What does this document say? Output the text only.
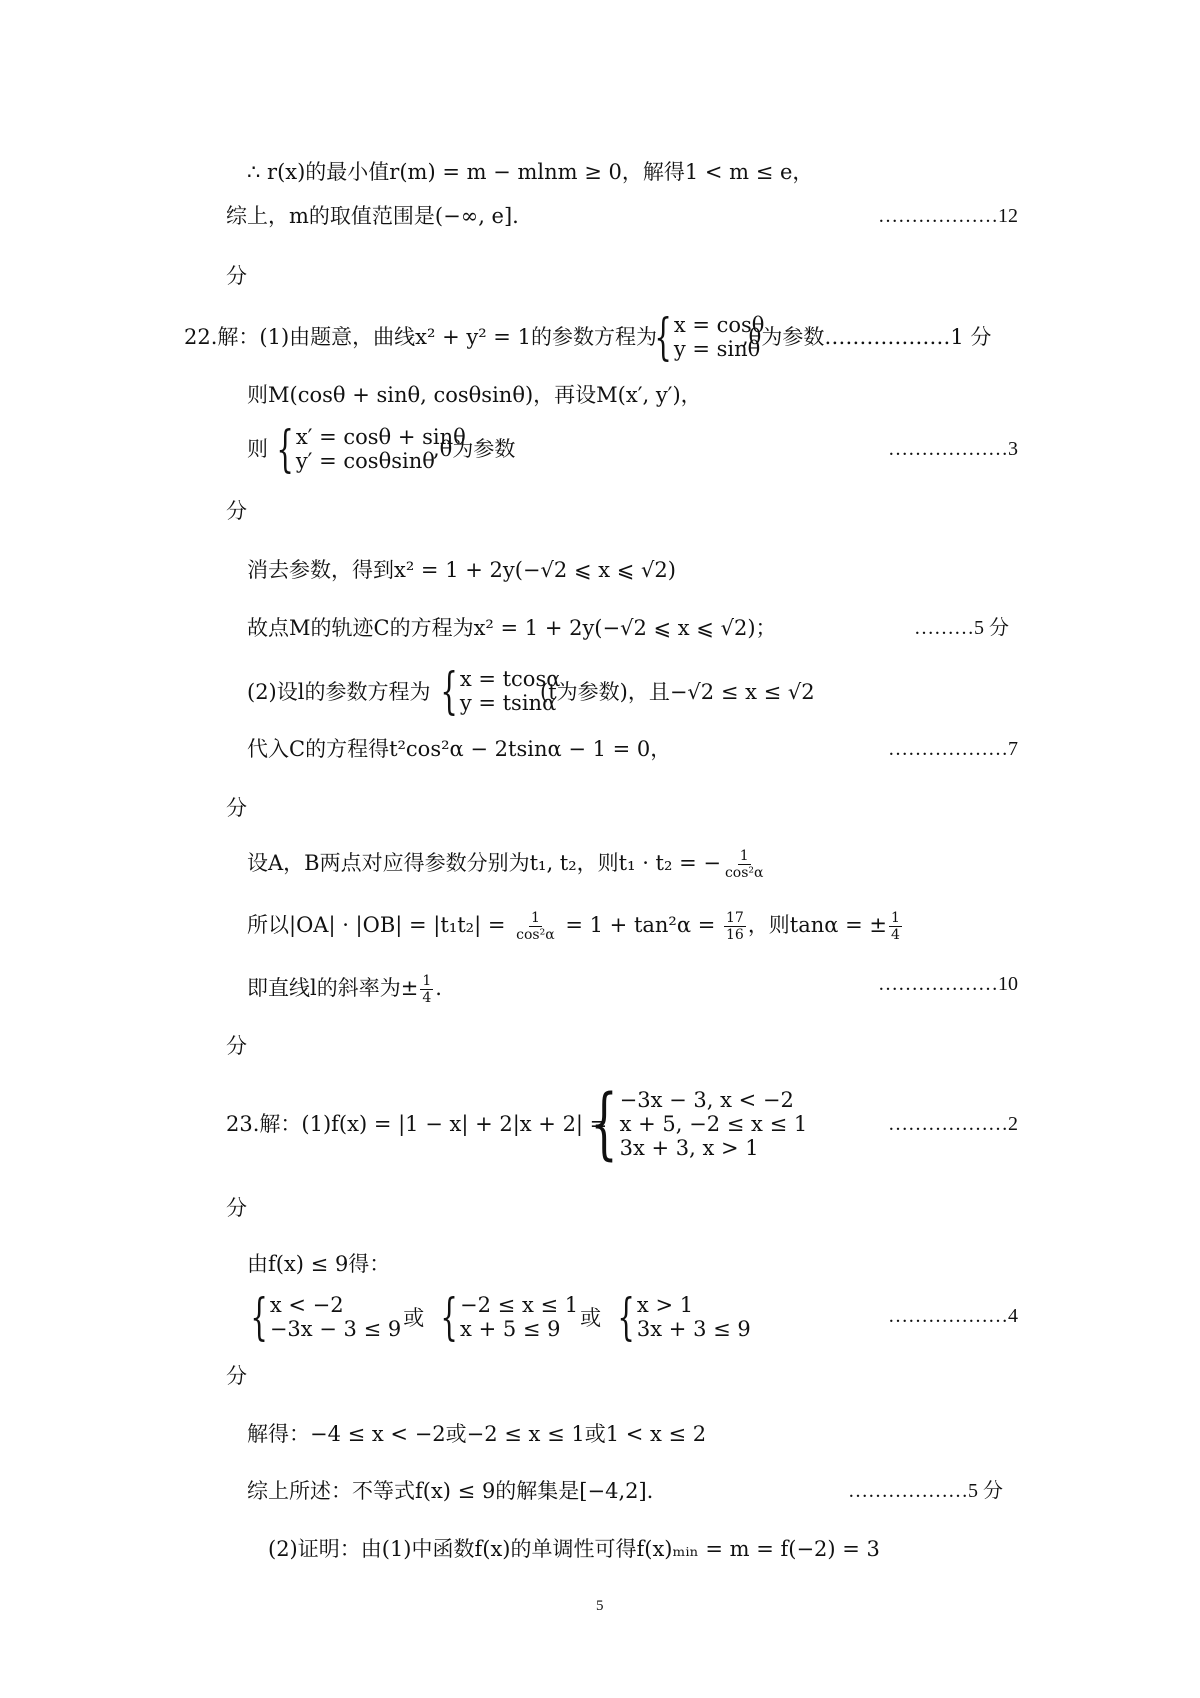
∴ r(x)的最小值r(m) = m − mlnm ≥ 0，解得1 < m ≤ e，
综上，m的取值范围是(−∞, e].	………………12
分
22.解：(1)由题意，曲线x² + y² = 1的参数方程为
{ x = cosθ
y = sinθ
,θ为参数………………1 分
则M(cosθ + sinθ, cosθsinθ)，再设M(x′, y′)，
则 { x′ = cosθ + sinθ
y′ = cosθsinθ
,θ为参数	………………3
分
消去参数，得到x² = 1 + 2y(−√2 ⩽ x ⩽ √2)
故点M的轨迹C的方程为x² = 1 + 2y(−√2 ⩽ x ⩽ √2)；	………5 分
(2)设l的参数方程为 { x = tcosα
y = tsinα
(t为参数)，且−√2 ≤ x ≤ √2
代入C的方程得t²cos²α − 2tsinα − 1 = 0，	………………7
分
设A，B两点对应得参数分别为t₁, t₂，则t₁ · t₂ = − $\frac{1}{\text{cos²α}}$
所以$|OA| \cdot |OB| = |t_1t_2| = \frac{1}{\text{cos²α}} = 1 + \tan^2\alpha = \frac{17}{16}$ ，则tanα = ± $\frac{1}{4}$
即直线l的斜率为± $\frac{1}{4}$ .	………………10
分
23.解：(1)f(x) = |1 − x| + 2|x + 2| =
{ −3x − 3, x < −2
x + 5, −2 ≤ x ≤ 1
3x + 3, x > 1
………………2
分
由f(x) ≤ 9得：
{ x < −2
−3x − 3 ≤ 9 或 { −2 ≤ x ≤ 1
x + 5 ≤ 9 或 { x > 1
3x + 3 ≤ 9
………………4
分
解得：−4 ≤ x < −2或−2 ≤ x ≤ 1或1 < x ≤ 2
综上所述：不等式f(x) ≤ 9的解集是[−4,2].	………………5 分
(2)证明：由(1)中函数f(x)的单调性可得f(x)ₘᵢₙ = m = f(−2) = 3
5
